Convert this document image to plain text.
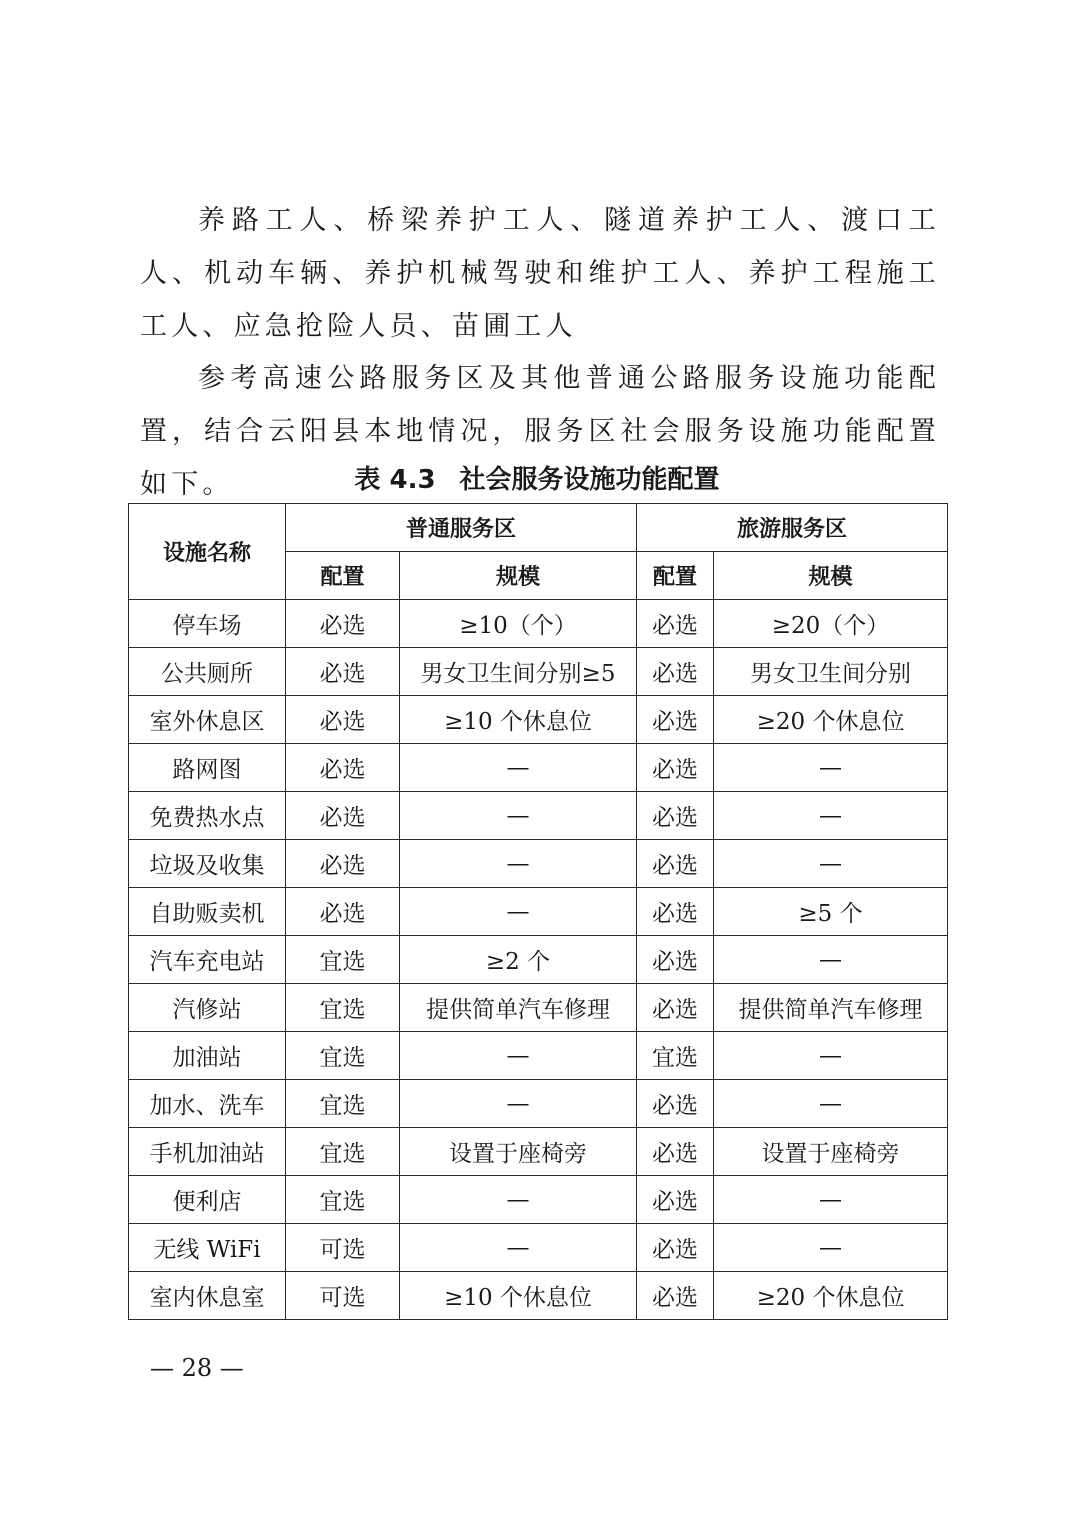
养路工人、桥梁养护工人、隧道养护工人、渡口工人、机动车辆、养护机械驾驶和维护工人、养护工程施工工人、应急抢险人员、苗圃工人

参考高速公路服务区及其他普通公路服务设施功能配置，结合云阳县本地情况，服务区社会服务设施功能配置如下。	表 4.3 社会服务设施功能配置

设施名称	普通服务区		旅游服务区	
	配置	规模	配置	规模
停车场	必选	≥10（个）	必选	≥20（个）
公共厕所	必选	男女卫生间分别≥5	必选	男女卫生间分别
室外休息区	必选	≥10 个休息位	必选	≥20 个休息位
路网图	必选	—	必选	—
免费热水点	必选	—	必选	—
垃圾及收集	必选	—	必选	—
自助贩卖机	必选	—	必选	≥5 个
汽车充电站	宜选	≥2 个	必选	—
汽修站	宜选	提供简单汽车修理	必选	提供简单汽车修理
加油站	宜选	—	宜选	—
加水、洗车	宜选	—	必选	—
手机加油站	宜选	设置于座椅旁	必选	设置于座椅旁
便利店	宜选	—	必选	—
无线 WiFi	可选	—	必选	—
室内休息室	可选	≥10 个休息位	必选	≥20 个休息位

— 28 —
